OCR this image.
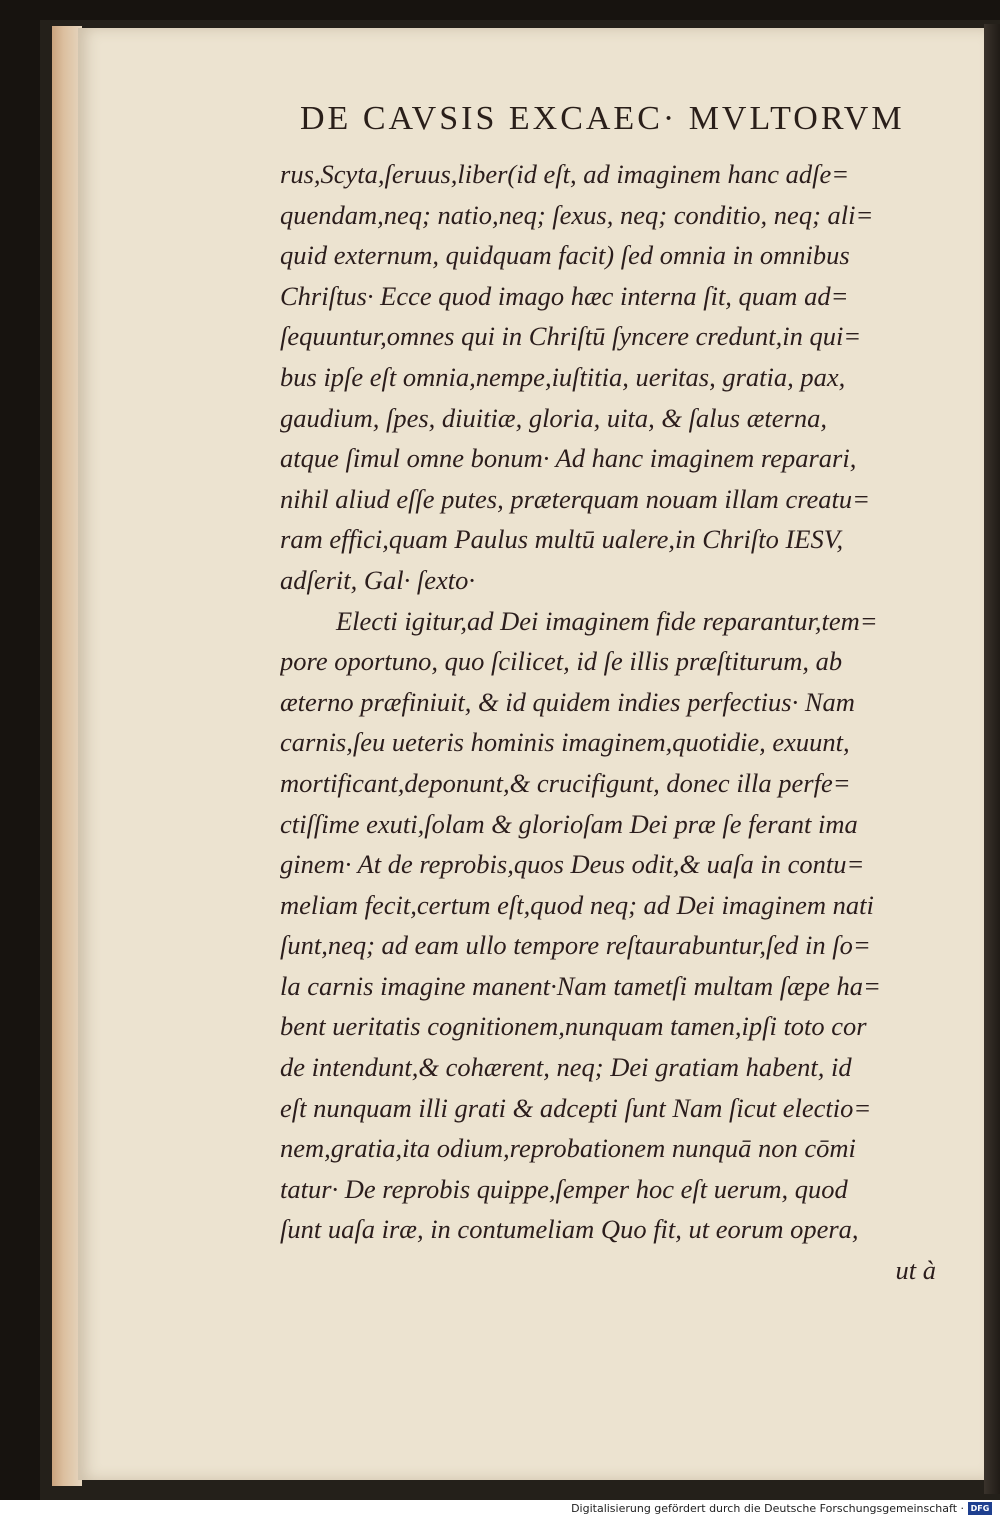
DE CAVSIS EXCAEC· MVLTORVM
rus,Scyta,ſeruus,liber(id eſt, ad imaginem hanc adſe=
quendam,neq; natio,neq; ſexus, neq; conditio, neq; ali=
quid externum, quidquam facit) ſed omnia in omnibus
Chriſtus· Ecce quod imago hæc interna ſit, quam ad=
ſequuntur,omnes qui in Chriſtū ſyncere credunt,in qui=
bus ipſe eſt omnia,nempe,iuſtitia, ueritas, gratia, pax,
gaudium, ſpes, diuitiæ, gloria, uita, & ſalus æterna,
atque ſimul omne bonum· Ad hanc imaginem reparari,
nihil aliud eſſe putes, præterquam nouam illam creatu=
ram effici,quam Paulus multū ualere,in Chriſto IESV,
adſerit, Gal· ſexto·
Electi igitur,ad Dei imaginem fide reparantur,tem=
pore oportuno, quo ſcilicet, id ſe illis præſtiturum, ab
æterno præfiniuit, & id quidem indies perfectius· Nam
carnis,ſeu ueteris hominis imaginem,quotidie, exuunt,
mortificant,deponunt,& crucifigunt, donec illa perfe=
ctiſſime exuti,ſolam & glorioſam Dei præ ſe ferant ima
ginem· At de reprobis,quos Deus odit,& uaſa in contu=
meliam fecit,certum eſt,quod neq; ad Dei imaginem nati
ſunt,neq; ad eam ullo tempore reſtaurabuntur,ſed in ſo=
la carnis imagine manent·Nam tametſi multam ſæpe ha=
bent ueritatis cognitionem,nunquam tamen,ipſi toto cor
de intendunt,& cohærent, neq; Dei gratiam habent, id
eſt nunquam illi grati & adcepti ſunt Nam ſicut electio=
nem,gratia,ita odium,reprobationem nunquā non cōmi
tatur· De reprobis quippe,ſemper hoc eſt uerum, quod
ſunt uaſa iræ, in contumeliam Quo fit, ut eorum opera,
ut à
Digitalisierung gefördert durch die Deutsche Forschungsgemeinschaft · DFG
